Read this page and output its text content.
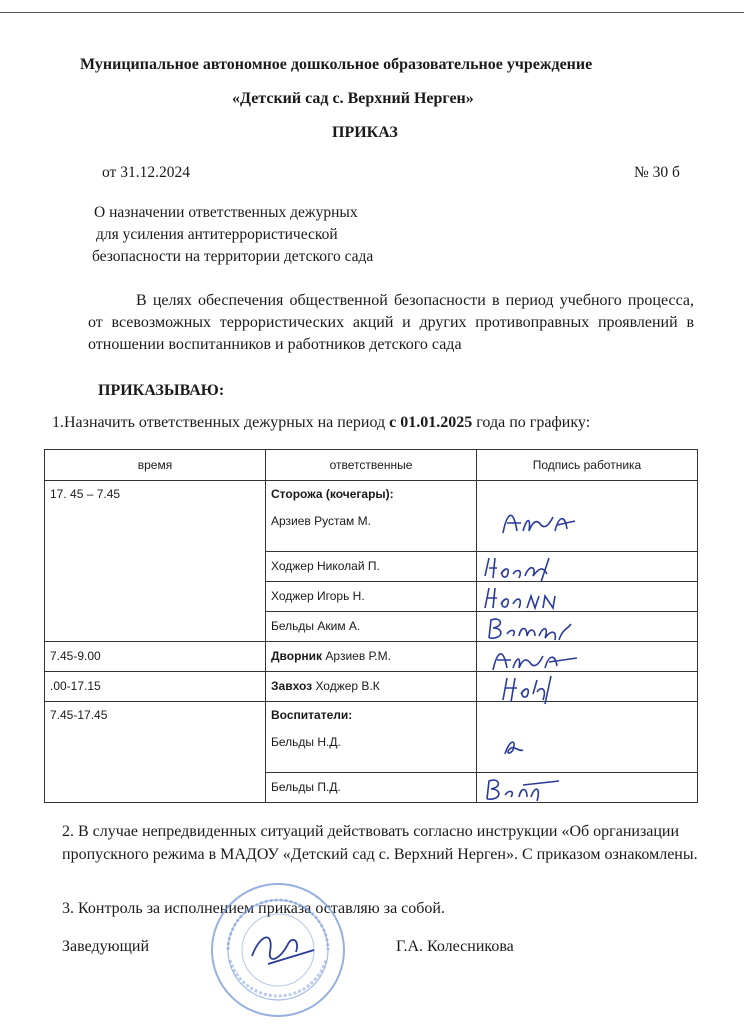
Муниципальное автономное дошкольное образовательное учреждение
«Детский сад с. Верхний Нерген»
ПРИКАЗ
от 31.12.2024	№ 30 б
О назначении ответственных дежурных
для усиления антитеррористической
безопасности на территории детского сада
В целях обеспечения общественной безопасности в период учебного процесса, от всевозможных террористических акций и других противоправных проявлений в отношении воспитанников и работников детского сада
ПРИКАЗЫВАЮ:
1.Назначить ответственных дежурных на период с 01.01.2025 года по графику:
время	ответственные	Подпись работника
17. 45 – 7.45	Сторожа (кочегары):
Арзиев Рустам М.

	Ходжер Николай П.

	Ходжер Игорь Н.

	Бельды Аким А.

7.45-9.00	Дворник Арзиев Р.М.	

.00-17.15	Завхоз Ходжер В.К	

7.45-17.45	Воспитатели:
Бельды Н.Д.

	Бельды П.Д.

2. В случае непредвиденных ситуаций действовать согласно инструкции «Об организации пропускного режима в МАДОУ «Детский сад с. Верхний Нерген». С приказом ознакомлены.
3. Контроль за исполнением приказа оставляю за собой.
Заведующий	Г.А. Колесникова
